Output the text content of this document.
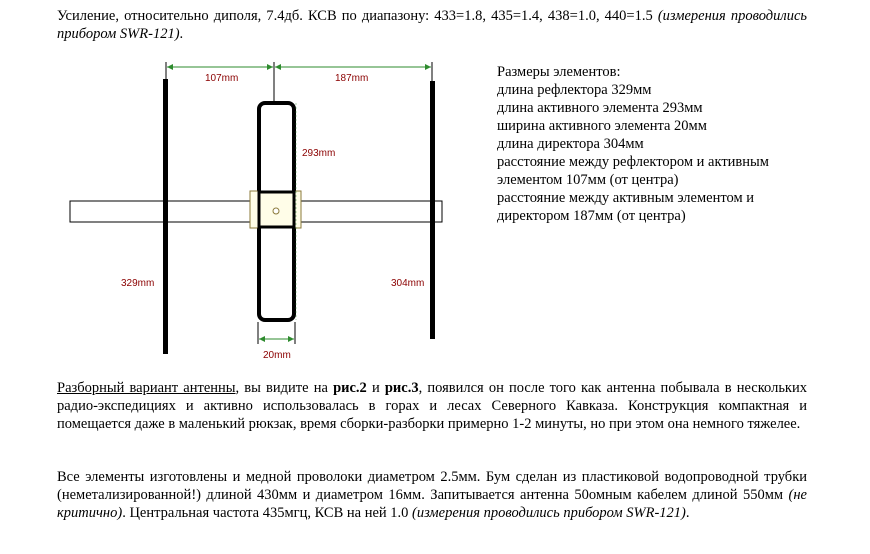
Усиление, относительно диполя, 7.4дб. КСВ по диапазону: 433=1.8, 435=1.4, 438=1.0, 440=1.5 (измерения проводились прибором SWR-121).
107mm	187mm
293mm
329mm	304mm
20mm
Размеры элементов:
длина рефлектора 329мм
длина активного элемента 293мм
ширина активного элемента 20мм
длина директора 304мм
расстояние между рефлектором и активным
элементом 107мм (от центра)
расстояние между активным элементом и
директором 187мм (от центра)
Разборный вариант антенны, вы видите на рис.2 и рис.3, появился он после того как антенна побывала в нескольких радио-экспедициях и активно использовалась в горах и лесах Северного Кавказа. Конструкция компактная и помещается даже в маленький рюкзак, время сборки-разборки примерно 1-2 минуты, но при этом она немного тяжелее.
Все элементы изготовлены и медной проволоки диаметром 2.5мм. Бум сделан из пластиковой водопроводной трубки (неметализированной!) длиной 430мм и диаметром 16мм. Запитывается антенна 50омным кабелем длиной 550мм (не критично). Центральная частота 435мгц, КСВ на ней 1.0 (измерения проводились прибором SWR-121).
